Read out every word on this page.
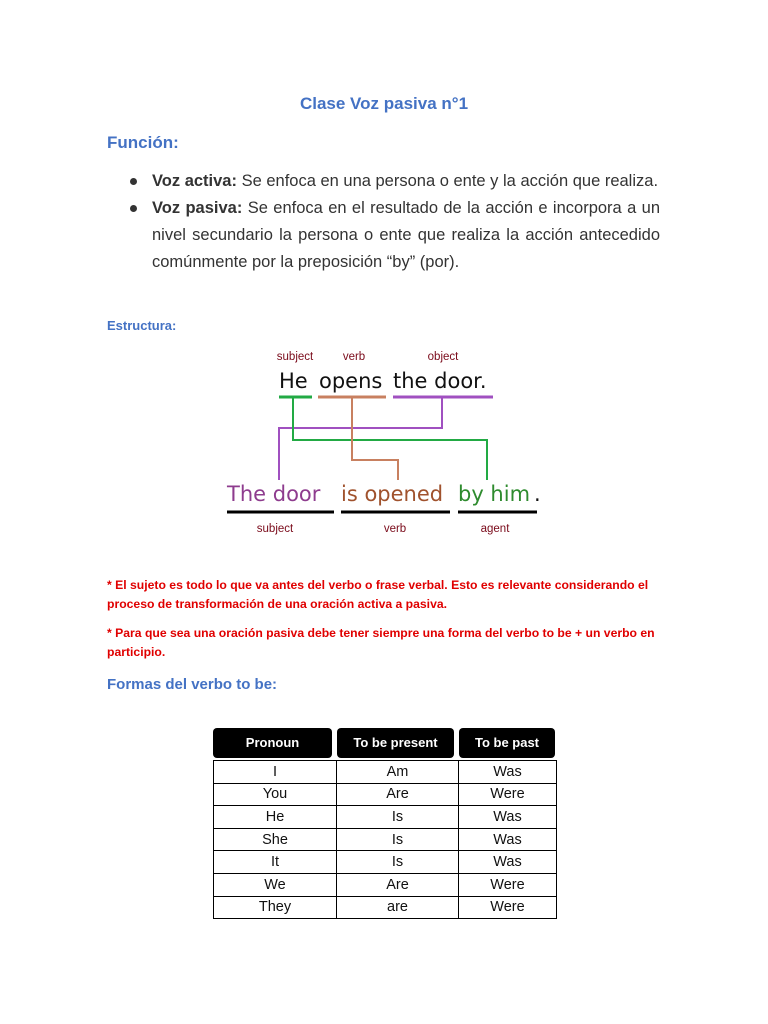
Clase Voz pasiva n°1
Función:
Voz activa: Se enfoca en una persona o ente y la acción que realiza.
Voz pasiva: Se enfoca en el resultado de la acción e incorpora a un nivel secundario la persona o ente que realiza la acción antecedido comúnmente por la preposición “by” (por).
Estructura:
subject	verb	object
He opens the door.
The door is opened by him .
subject	verb	agent
* El sujeto es todo lo que va antes del verbo o frase verbal. Esto es relevante considerando el proceso de transformación de una oración activa a pasiva.
* Para que sea una oración pasiva debe tener siempre una forma del verbo to be + un verbo en participio.
Formas del verbo to be:
Pronoun	To be present	To be past
I	Am	Was
You	Are	Were
He	Is	Was
She	Is	Was
It	Is	Was
We	Are	Were
They	are	Were
